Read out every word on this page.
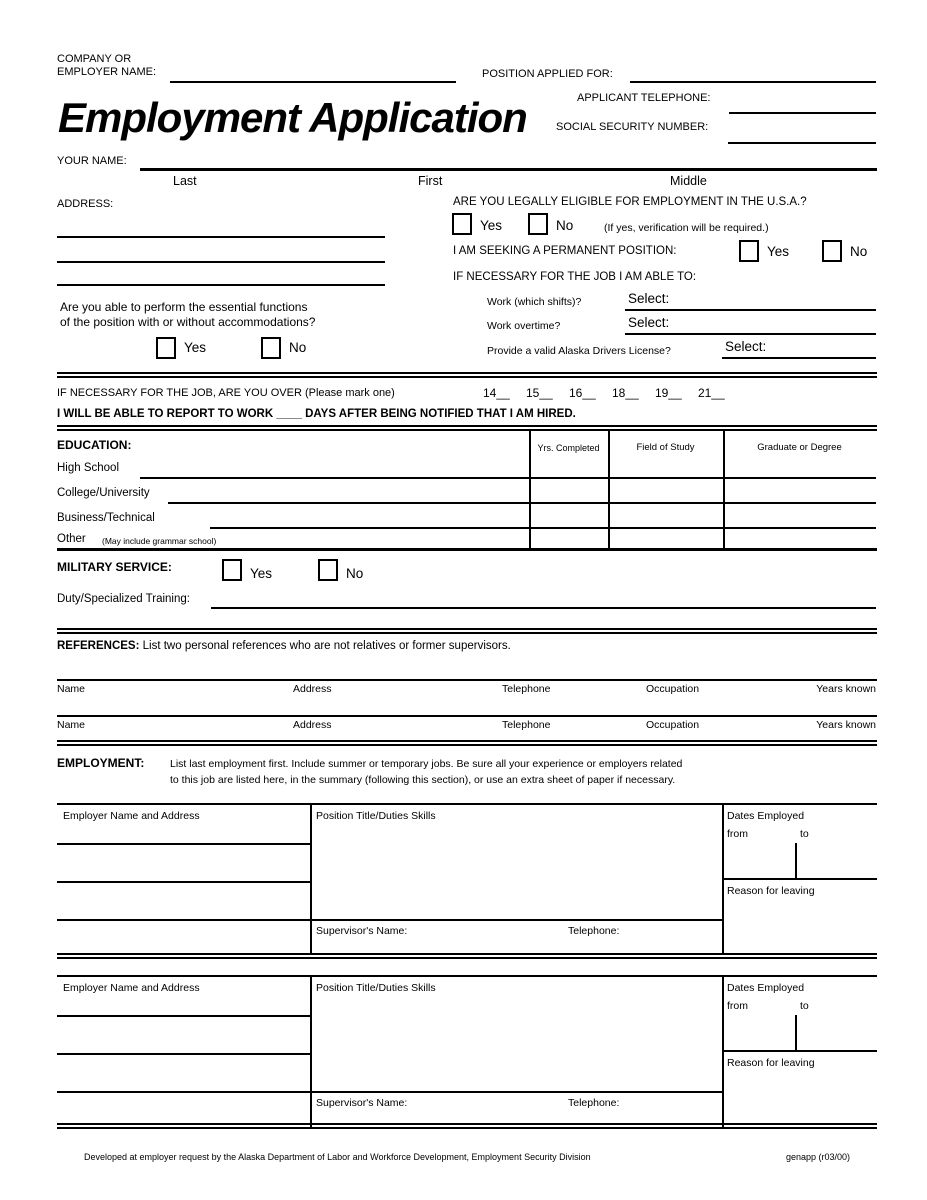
COMPANY OR
EMPLOYER NAME:	POSITION APPLIED FOR:
Employment Application	APPLICANT TELEPHONE:
SOCIAL SECURITY NUMBER:
YOUR NAME:
Last	First	Middle
ADDRESS:
Are you able to perform the essential functions
of the position with or without accommodations?
Yes	No
ARE YOU LEGALLY ELIGIBLE FOR EMPLOYMENT IN THE U.S.A.?
Yes	No	(If yes, verification will be required.)
I AM SEEKING A PERMANENT POSITION:	Yes	No
IF NECESSARY FOR THE JOB I AM ABLE TO:
Work (which shifts)?	Select:
Work overtime?	Select:
Provide a valid Alaska Drivers License?	Select:
IF NECESSARY FOR THE JOB, ARE YOU OVER (Please mark one)	14__ 15__ 16__ 18__ 19__ 21__
I WILL BE ABLE TO REPORT TO WORK ____ DAYS AFTER BEING NOTIFIED THAT I AM HIRED.
EDUCATION:	Yrs. Completed	Field of Study	Graduate or Degree
High School
College/University
Business/Technical
Other (May include grammar school)
MILITARY SERVICE:	Yes	No
Duty/Specialized Training:
REFERENCES: List two personal references who are not relatives or former supervisors.
Name	Address	Telephone	Occupation	Years known
Name	Address	Telephone	Occupation	Years known
EMPLOYMENT: List last employment first. Include summer or temporary jobs. Be sure all your experience or employers related
to this job are listed here, in the summary (following this section), or use an extra sheet of paper if necessary.
Employer Name and Address	Position Title/Duties Skills	Dates Employed
from	to
Reason for leaving
Supervisor's Name:	Telephone:
Employer Name and Address	Position Title/Duties Skills	Dates Employed
from	to
Reason for leaving
Supervisor's Name:	Telephone:
Developed at employer request by the Alaska Department of Labor and Workforce Development, Employment Security Division	genapp (r03/00)
